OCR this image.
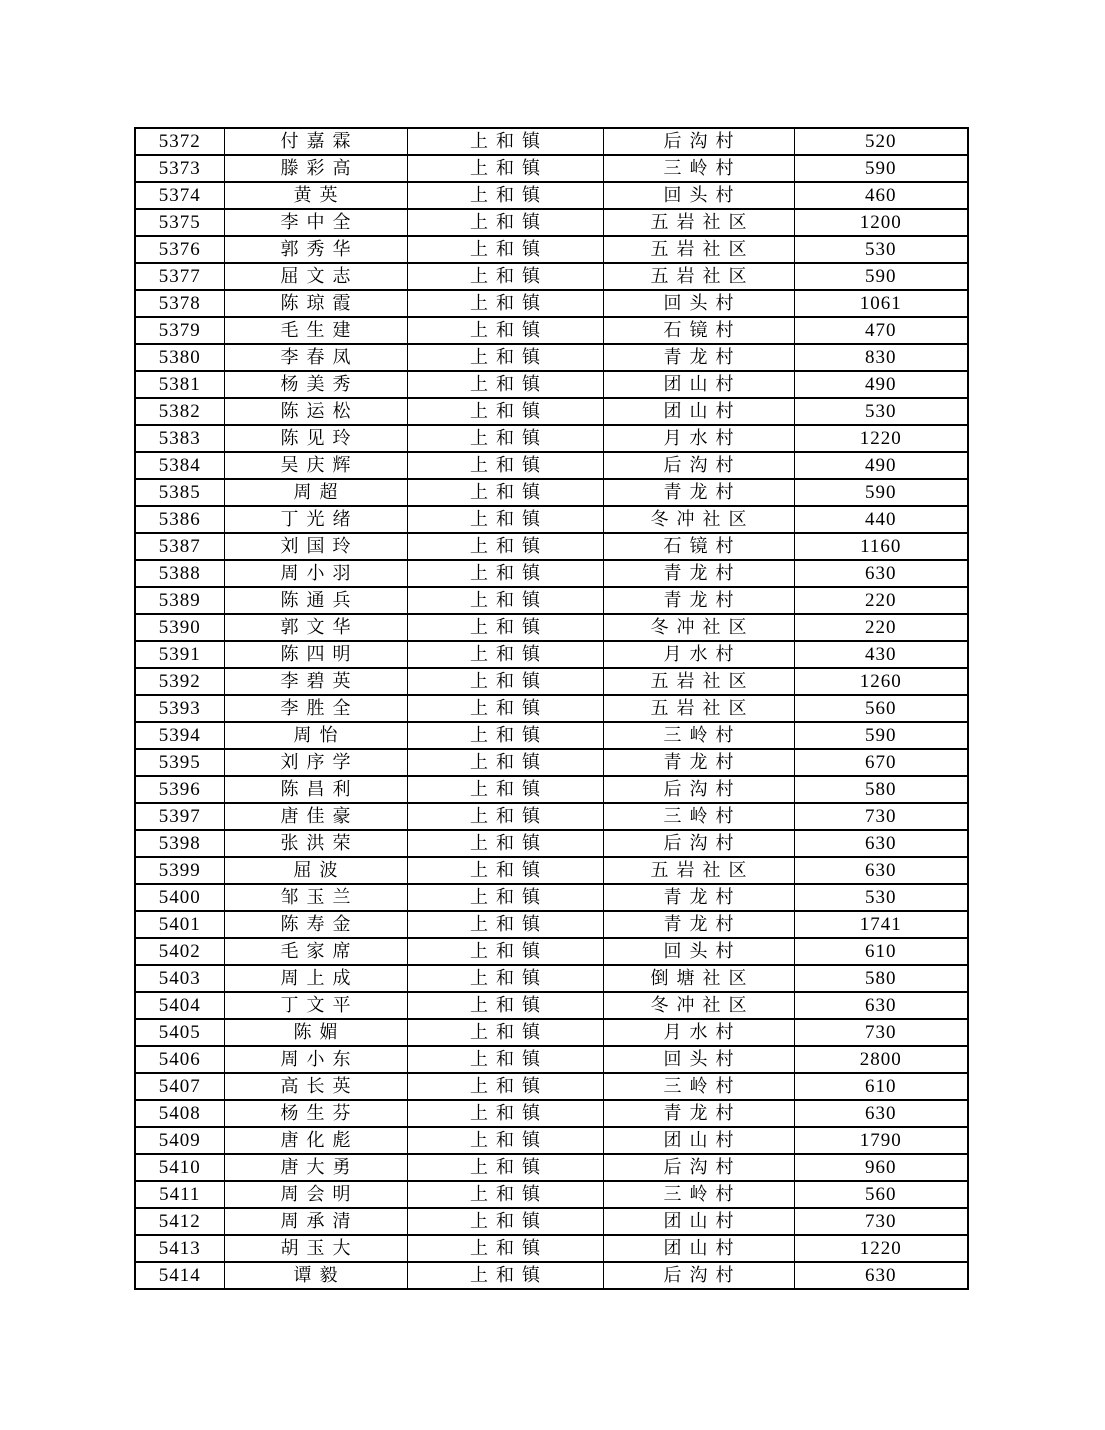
5372	付嘉霖	上和镇	后沟村	520
5373	滕彩高	上和镇	三岭村	590
5374	黄英	上和镇	回头村	460
5375	李中全	上和镇	五岩社区	1200
5376	郭秀华	上和镇	五岩社区	530
5377	屈文志	上和镇	五岩社区	590
5378	陈琼霞	上和镇	回头村	1061
5379	毛生建	上和镇	石镜村	470
5380	李春凤	上和镇	青龙村	830
5381	杨美秀	上和镇	团山村	490
5382	陈运松	上和镇	团山村	530
5383	陈见玲	上和镇	月水村	1220
5384	吴庆辉	上和镇	后沟村	490
5385	周超	上和镇	青龙村	590
5386	丁光绪	上和镇	冬冲社区	440
5387	刘国玲	上和镇	石镜村	1160
5388	周小羽	上和镇	青龙村	630
5389	陈通兵	上和镇	青龙村	220
5390	郭文华	上和镇	冬冲社区	220
5391	陈四明	上和镇	月水村	430
5392	李碧英	上和镇	五岩社区	1260
5393	李胜全	上和镇	五岩社区	560
5394	周怡	上和镇	三岭村	590
5395	刘序学	上和镇	青龙村	670
5396	陈昌利	上和镇	后沟村	580
5397	唐佳豪	上和镇	三岭村	730
5398	张洪荣	上和镇	后沟村	630
5399	屈波	上和镇	五岩社区	630
5400	邹玉兰	上和镇	青龙村	530
5401	陈寿金	上和镇	青龙村	1741
5402	毛家席	上和镇	回头村	610
5403	周上成	上和镇	倒塘社区	580
5404	丁文平	上和镇	冬冲社区	630
5405	陈媚	上和镇	月水村	730
5406	周小东	上和镇	回头村	2800
5407	高长英	上和镇	三岭村	610
5408	杨生芬	上和镇	青龙村	630
5409	唐化彪	上和镇	团山村	1790
5410	唐大勇	上和镇	后沟村	960
5411	周会明	上和镇	三岭村	560
5412	周承清	上和镇	团山村	730
5413	胡玉大	上和镇	团山村	1220
5414	谭毅	上和镇	后沟村	630
